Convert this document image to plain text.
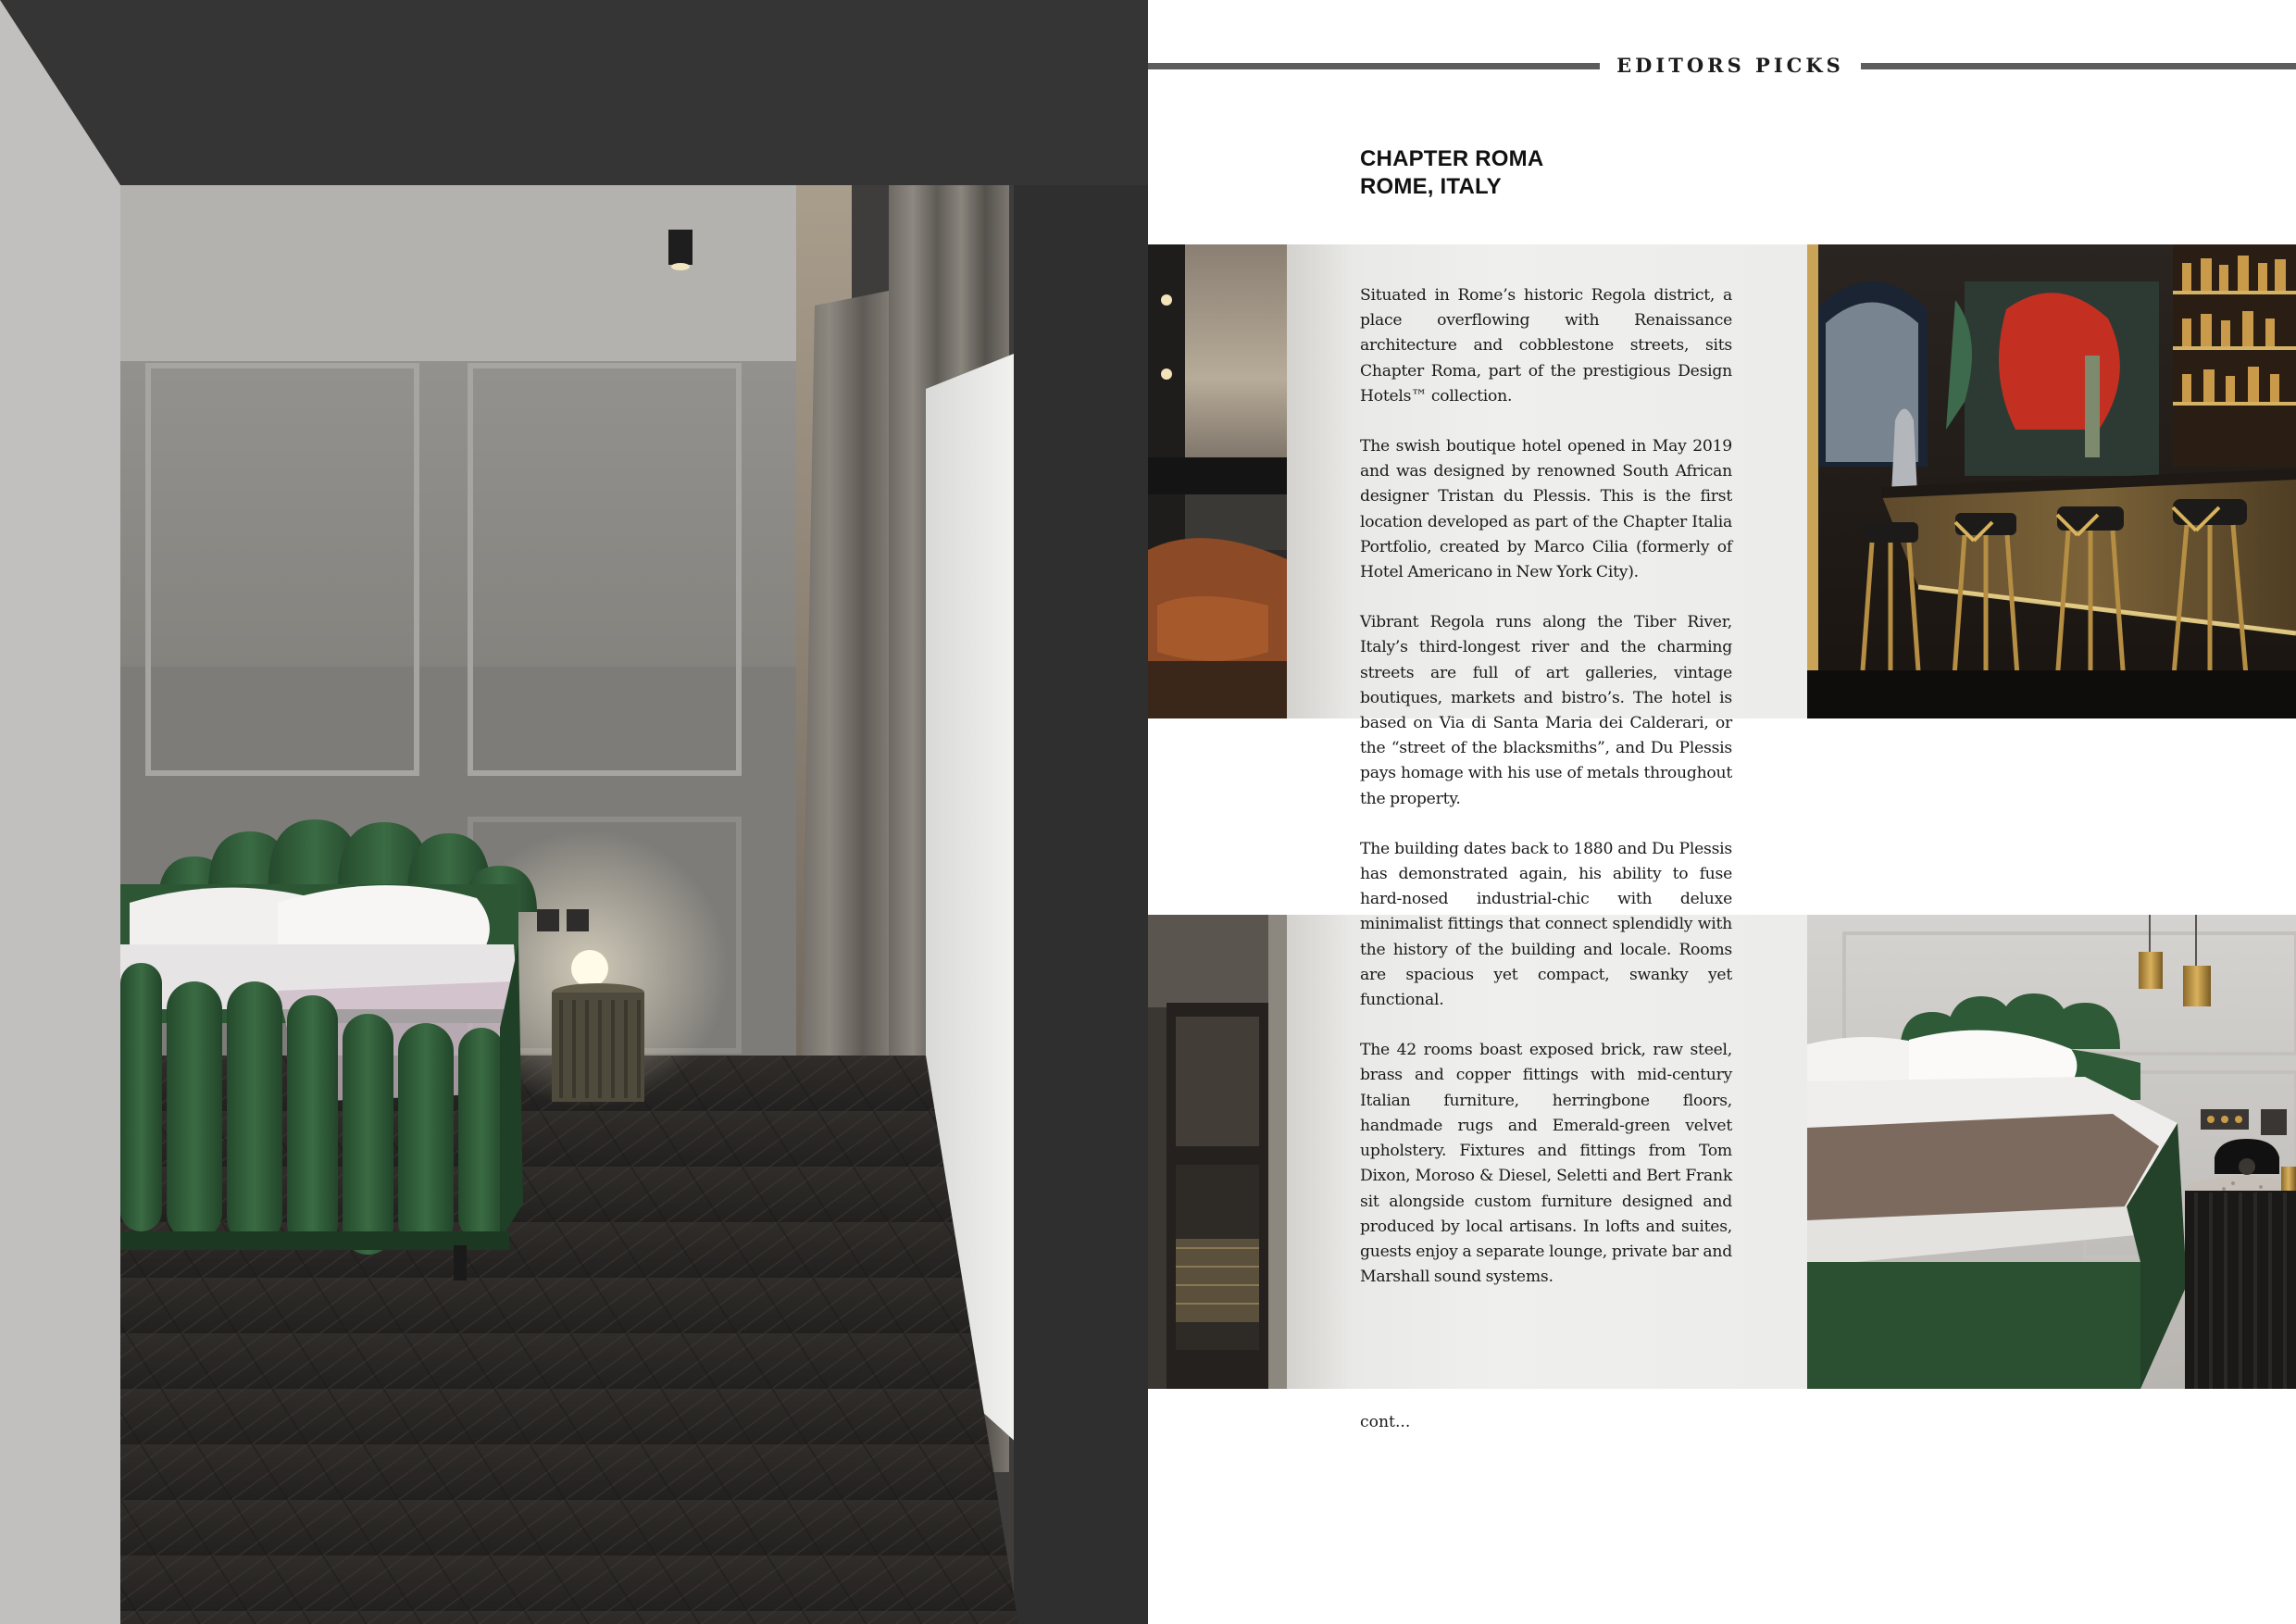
EDITORS PICKS
CHAPTER ROMA
ROME, ITALY

Situated in Rome’s historic Regola district, a place overflowing with Renaissance architecture and cobblestone streets, sits Chapter Roma, part of the prestigious Design Hotels™ collection.

The swish boutique hotel opened in May 2019 and was designed by renowned South African designer Tristan du Plessis. This is the first location developed as part of the Chapter Italia Portfolio, created by Marco Cilia (formerly of Hotel Americano in New York City).

Vibrant Regola runs along the Tiber River, Italy’s third-longest river and the charming streets are full of art galleries, vintage boutiques, markets and bistro’s. The hotel is based on Via di Santa Maria dei Calderari, or the “street of the blacksmiths”, and Du Plessis pays homage with his use of metals throughout the property.

The building dates back to 1880 and Du Plessis has demonstrated again, his ability to fuse hard-nosed industrial-chic with deluxe minimalist fittings that connect splendidly with the history of the building and locale. Rooms are spacious yet compact, swanky yet functional.

The 42 rooms boast exposed brick, raw steel, brass and copper fittings with mid-century Italian furniture, herringbone floors, handmade rugs and Emerald-green velvet upholstery. Fixtures and fittings from Tom Dixon, Moroso & Diesel, Seletti and Bert Frank sit alongside custom furniture designed and produced by local artisans. In lofts and suites, guests enjoy a separate lounge, private bar and Marshall sound systems.

cont...
